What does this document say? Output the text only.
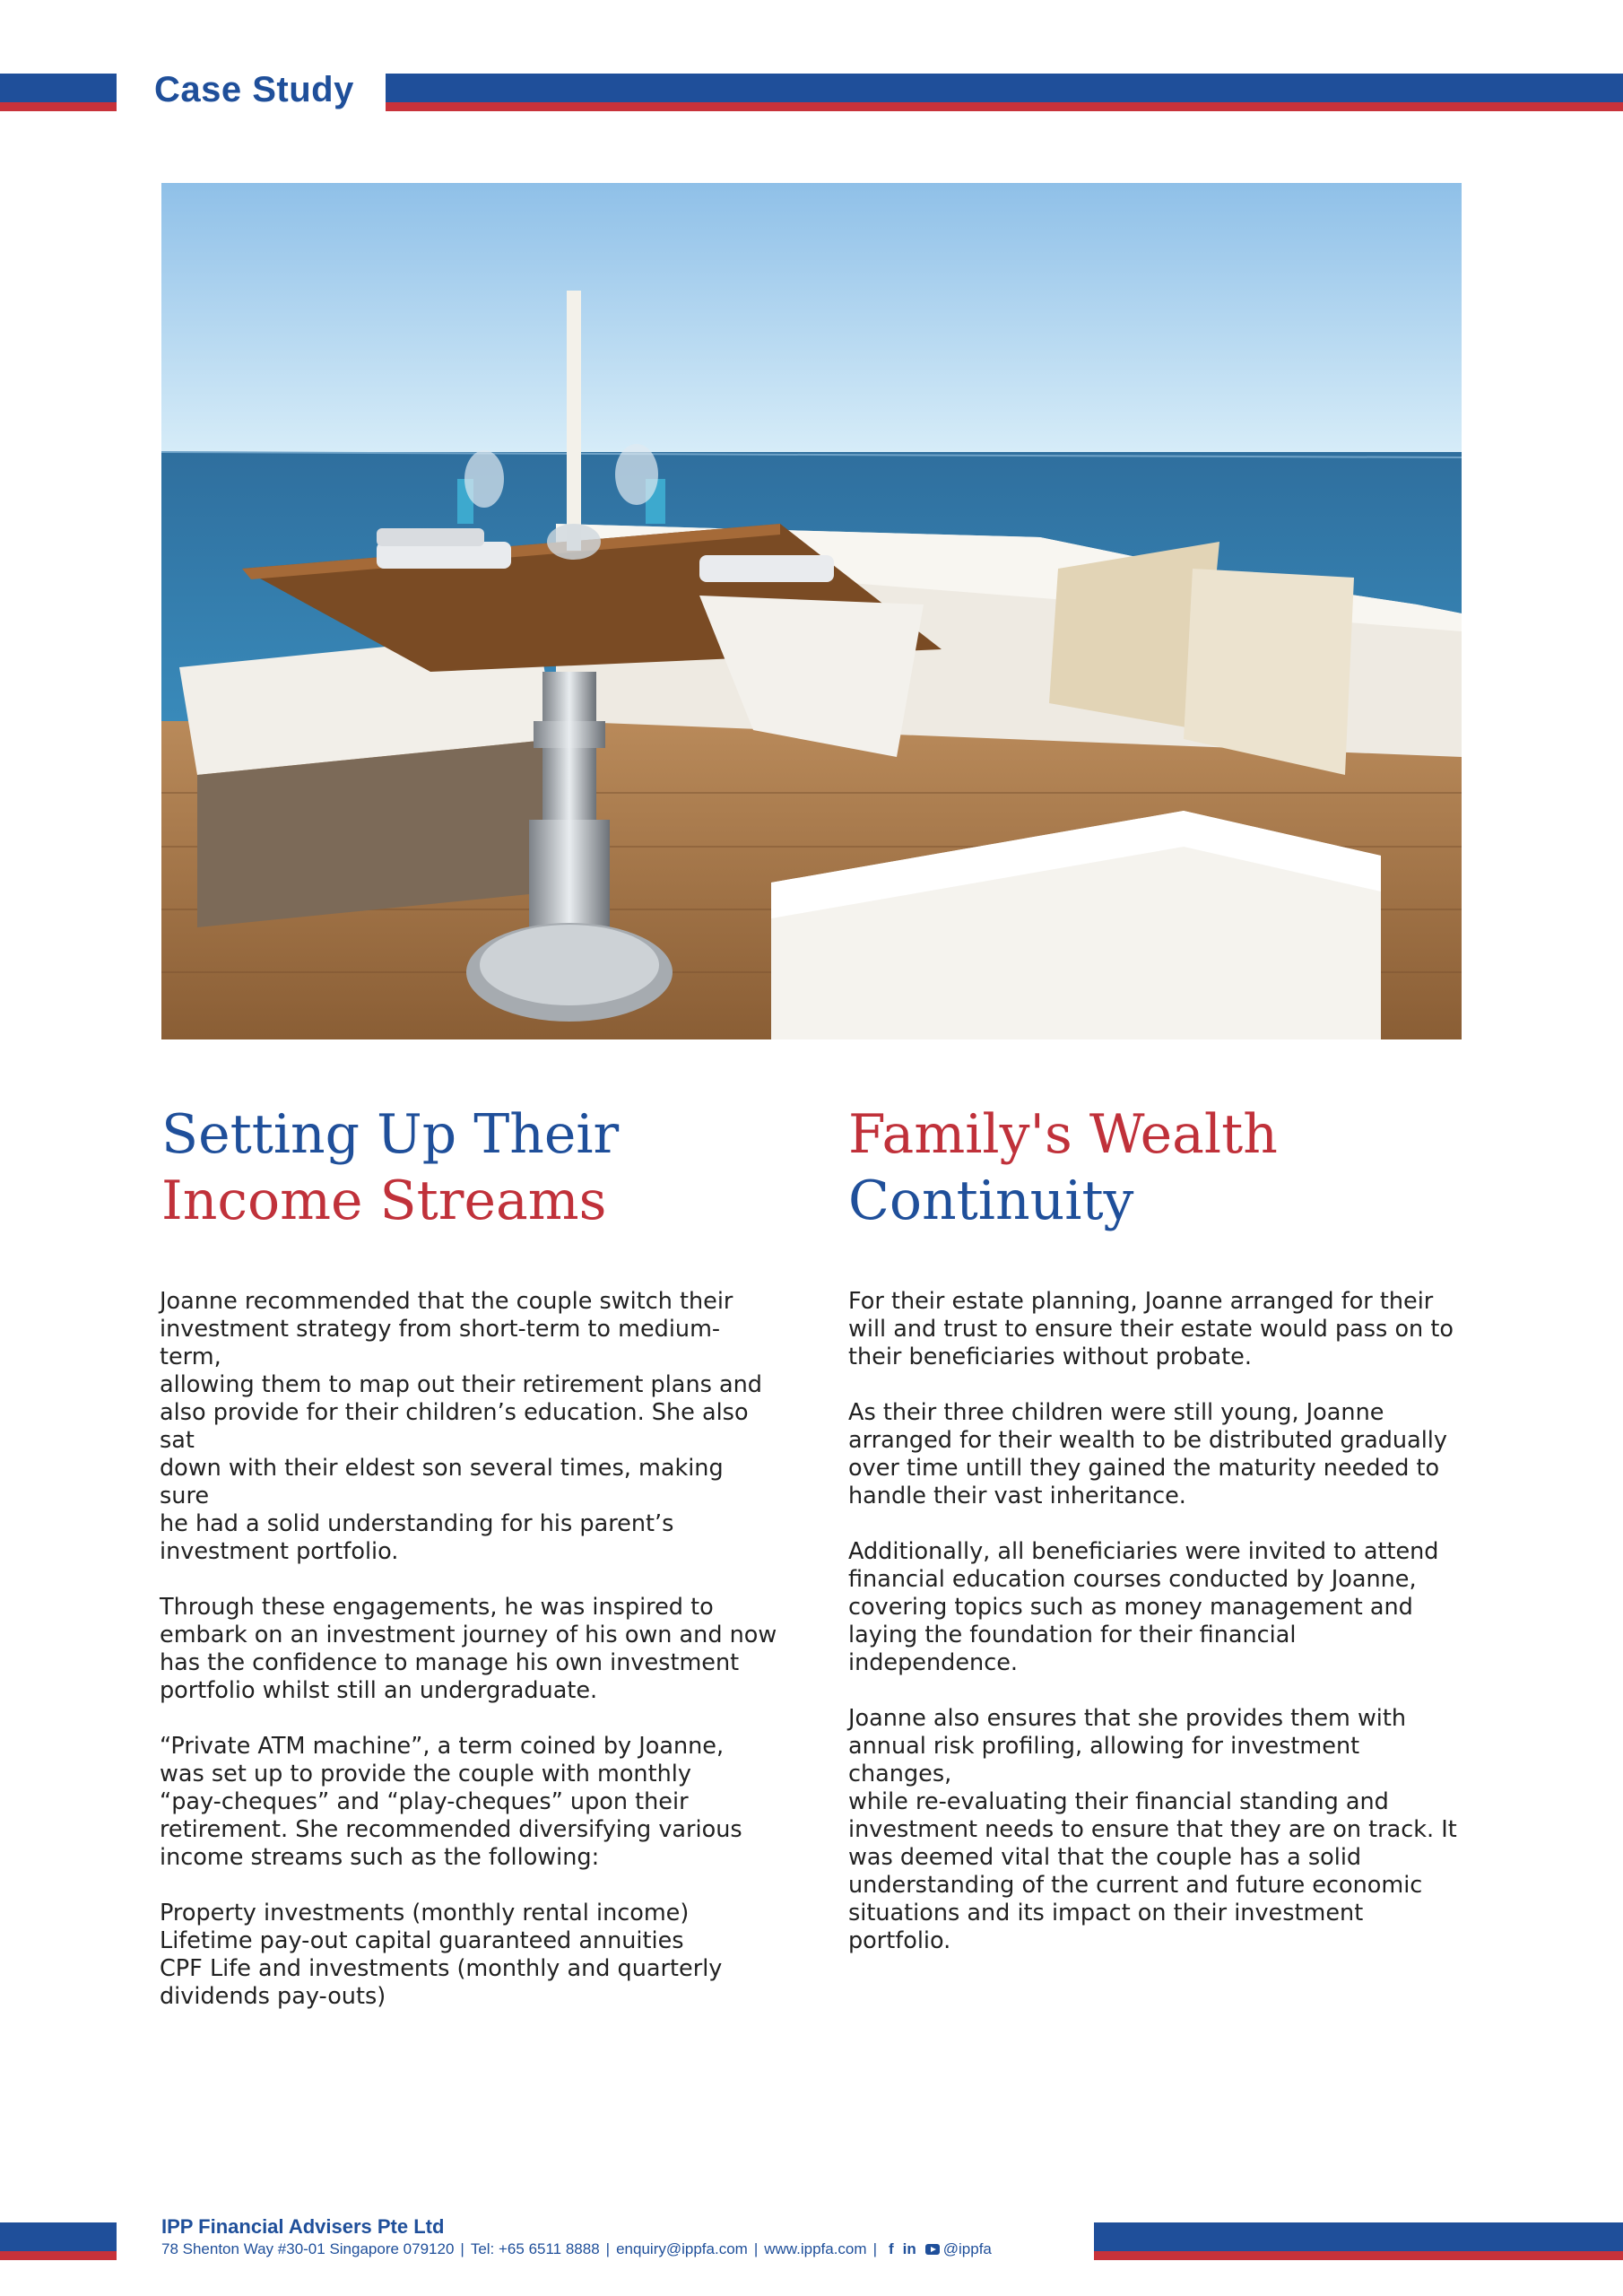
Case Study
Setting Up Their
Income Streams
Family's Wealth
Continuity

Joanne recommended that the couple switch their
investment strategy from short-term to medium-term,
allowing them to map out their retirement plans and
also provide for their children’s education. She also sat
down with their eldest son several times, making sure
he had a solid understanding for his parent’s
investment portfolio.

Through these engagements, he was inspired to
embark on an investment journey of his own and now
has the confidence to manage his own investment
portfolio whilst still an undergraduate.

“Private ATM machine”, a term coined by Joanne,
was set up to provide the couple with monthly
“pay-cheques” and “play-cheques” upon their
retirement. She recommended diversifying various
income streams such as the following:

Property investments (monthly rental income)
Lifetime pay-out capital guaranteed annuities
CPF Life and investments (monthly and quarterly
dividends pay-outs)

For their estate planning, Joanne arranged for their
will and trust to ensure their estate would pass on to
their beneficiaries without probate.

As their three children were still young, Joanne
arranged for their wealth to be distributed gradually
over time untill they gained the maturity needed to
handle their vast inheritance.

Additionally, all beneficiaries were invited to attend
financial education courses conducted by Joanne,
covering topics such as money management and
laying the foundation for their financial
independence.

Joanne also ensures that she provides them with
annual risk profiling, allowing for investment changes,
while re-evaluating their financial standing and
investment needs to ensure that they are on track. It
was deemed vital that the couple has a solid
understanding of the current and future economic
situations and its impact on their investment portfolio.

IPP Financial Advisers Pte Ltd
78 Shenton Way #30-01 Singapore 079120 | Tel: +65 6511 8888 | enquiry@ippfa.com | www.ippfa.com | f in @ippfa
